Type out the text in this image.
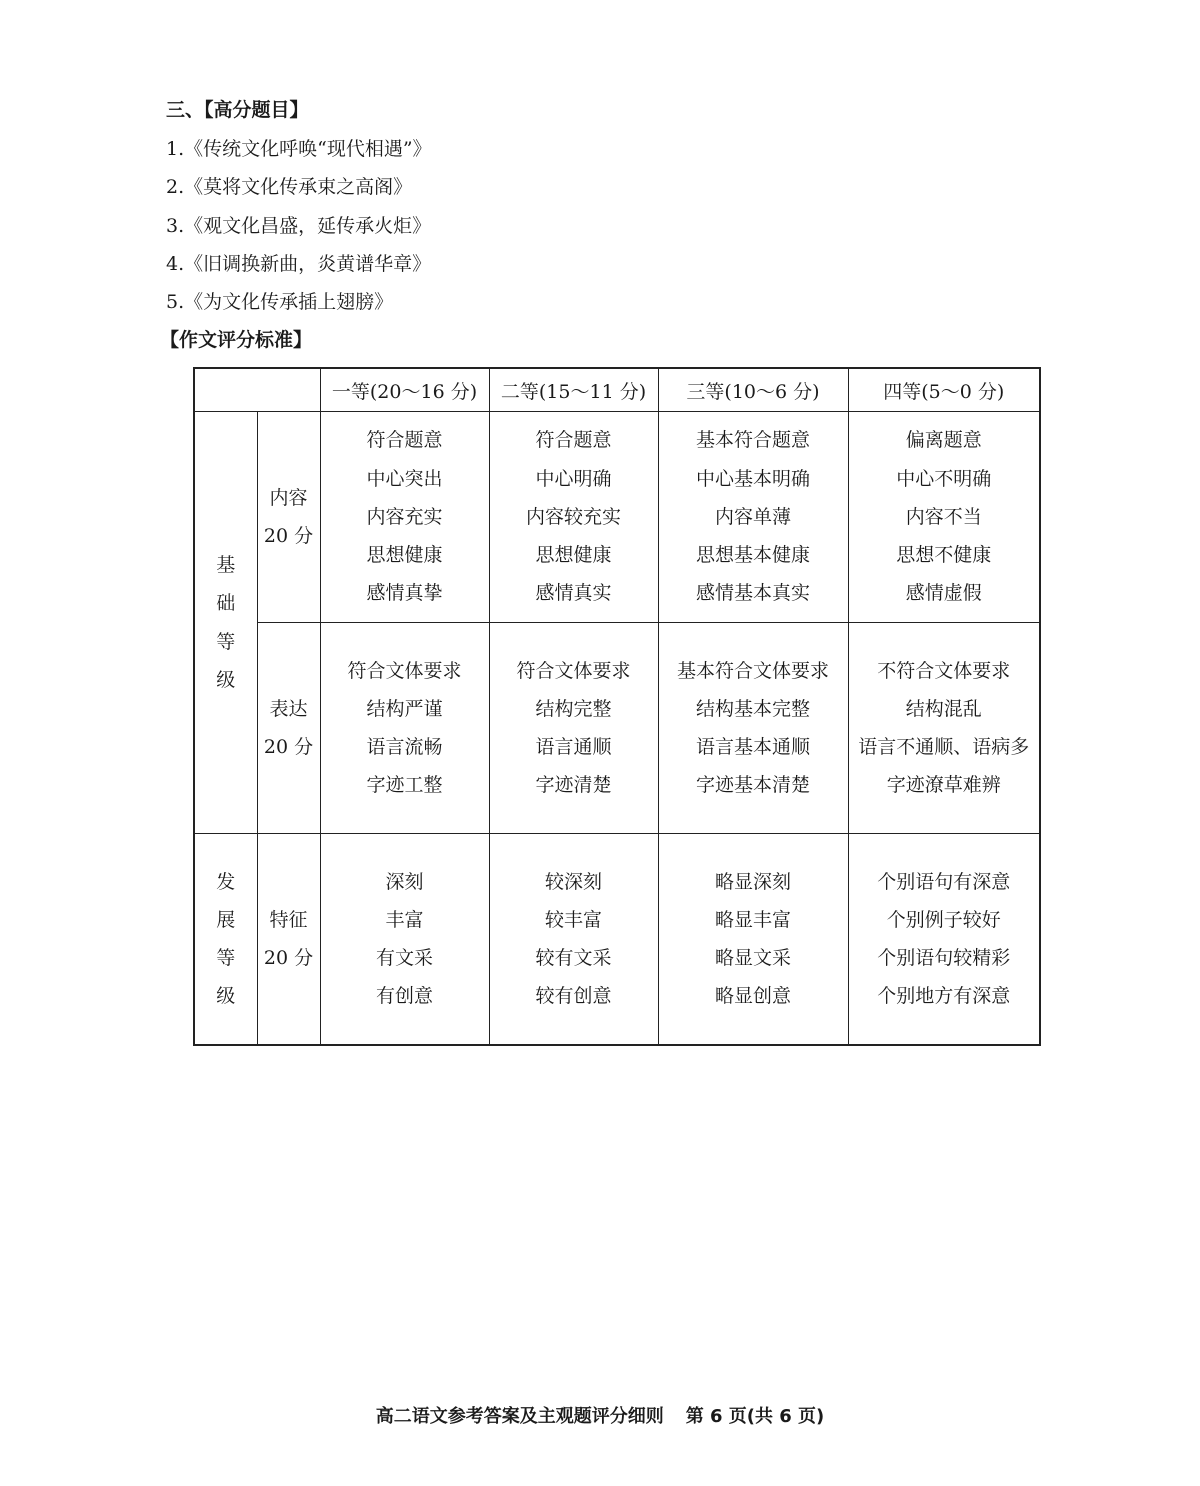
三、【高分题目】
1.《传统文化呼唤“现代相遇”》
2.《莫将文化传承束之高阁》
3.《观文化昌盛，延传承火炬》
4.《旧调换新曲，炎黄谱华章》
5.《为文化传承插上翅膀》
【作文评分标准】
		一等(20～16 分)	二等(15～11 分)	三等(10～6 分)	四等(5～0 分)

基
础
等
级	内容
20 分	符合题意
中心突出
内容充实
思想健康
感情真挚	符合题意
中心明确
内容较充实
思想健康
感情真实	基本符合题意
中心基本明确
内容单薄
思想基本健康
感情基本真实	偏离题意
中心不明确
内容不当
思想不健康
感情虚假

	表达
20 分	符合文体要求
结构严谨
语言流畅
字迹工整	符合文体要求
结构完整
语言通顺
字迹清楚	基本符合文体要求
结构基本完整
语言基本通顺
字迹基本清楚	不符合文体要求
结构混乱
语言不通顺、语病多
字迹潦草难辨

发
展
等
级	特征
20 分	深刻
丰富
有文采
有创意	较深刻
较丰富
较有文采
较有创意	略显深刻
略显丰富
略显文采
略显创意	个别语句有深意
个别例子较好
个别语句较精彩
个别地方有深意
高二语文参考答案及主观题评分细则 第 6 页(共 6 页)
